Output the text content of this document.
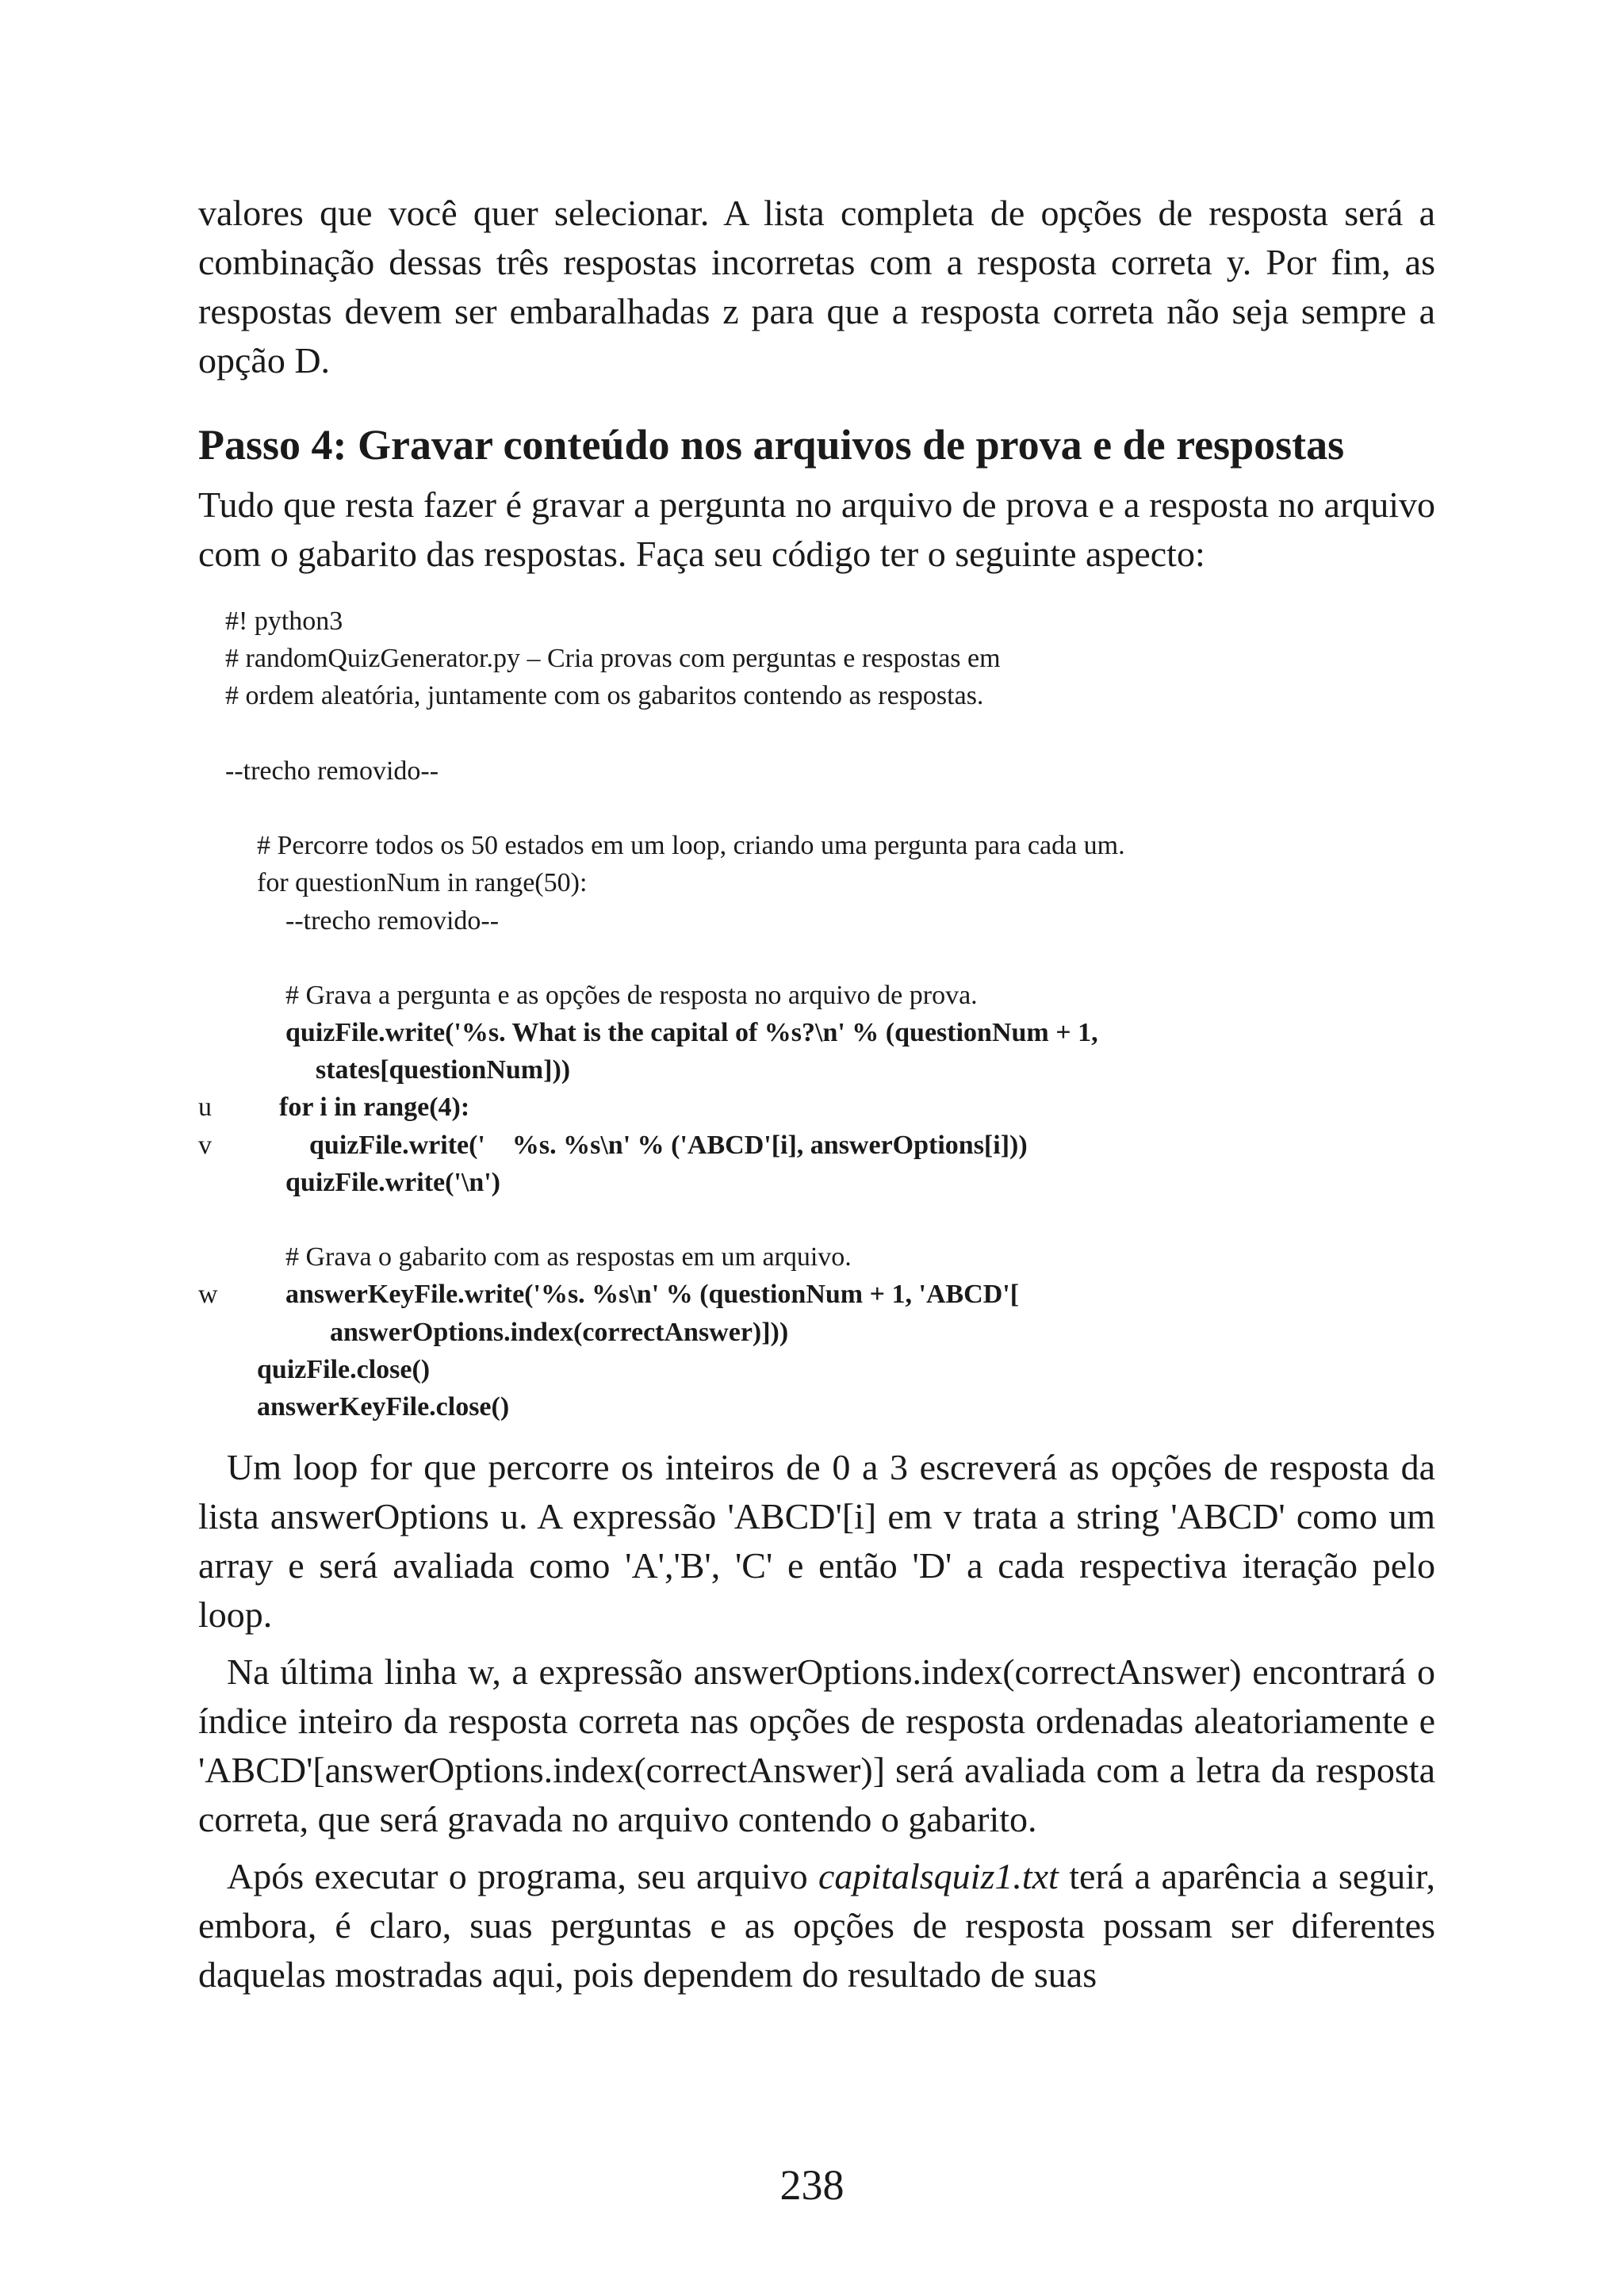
valores que você quer selecionar. A lista completa de opções de resposta será a combinação dessas três respostas incorretas com a resposta correta y. Por fim, as respostas devem ser embaralhadas z para que a resposta correta não seja sempre a opção D.

Passo 4: Gravar conteúdo nos arquivos de prova e de respostas

Tudo que resta fazer é gravar a pergunta no arquivo de prova e a resposta no arquivo com o gabarito das respostas. Faça seu código ter o seguinte aspecto:

#! python3
# randomQuizGenerator.py – Cria provas com perguntas e respostas em
# ordem aleatória, juntamente com os gabaritos contendo as respostas.
--trecho removido--
# Percorre todos os 50 estados em um loop, criando uma pergunta para cada um.
for questionNum in range(50):
--trecho removido--
# Grava a pergunta e as opções de resposta no arquivo de prova.
quizFile.write('%s. What is the capital of %s?\n' % (questionNum + 1,
states[questionNum]))

u

	for i in range(4):

v

	quizFile.write('    %s. %s\n' % ('ABCD'[i], answerOptions[i]))

quizFile.write('\n')
# Grava o gabarito com as respostas em um arquivo.

w

	answerKeyFile.write('%s. %s\n' % (questionNum + 1, 'ABCD'[

answerOptions.index(correctAnswer)]))
quizFile.close()
answerKeyFile.close()

Um loop for que percorre os inteiros de 0 a 3 escreverá as opções de resposta da lista answerOptions u. A expressão 'ABCD'[i] em v trata a string 'ABCD' como um array e será avaliada como 'A','B', 'C' e então 'D' a cada respectiva iteração pelo loop.

Na última linha w, a expressão answerOptions.index(correctAnswer) encontrará o índice inteiro da resposta correta nas opções de resposta ordenadas aleatoriamente e 'ABCD'[answerOptions.index(correctAnswer)] será avaliada com a letra da resposta correta, que será gravada no arquivo contendo o gabarito.

Após executar o programa, seu arquivo capitalsquiz1.txt terá a aparência a seguir, embora, é claro, suas perguntas e as opções de resposta possam ser diferentes daquelas mostradas aqui, pois dependem do resultado de suas

238
